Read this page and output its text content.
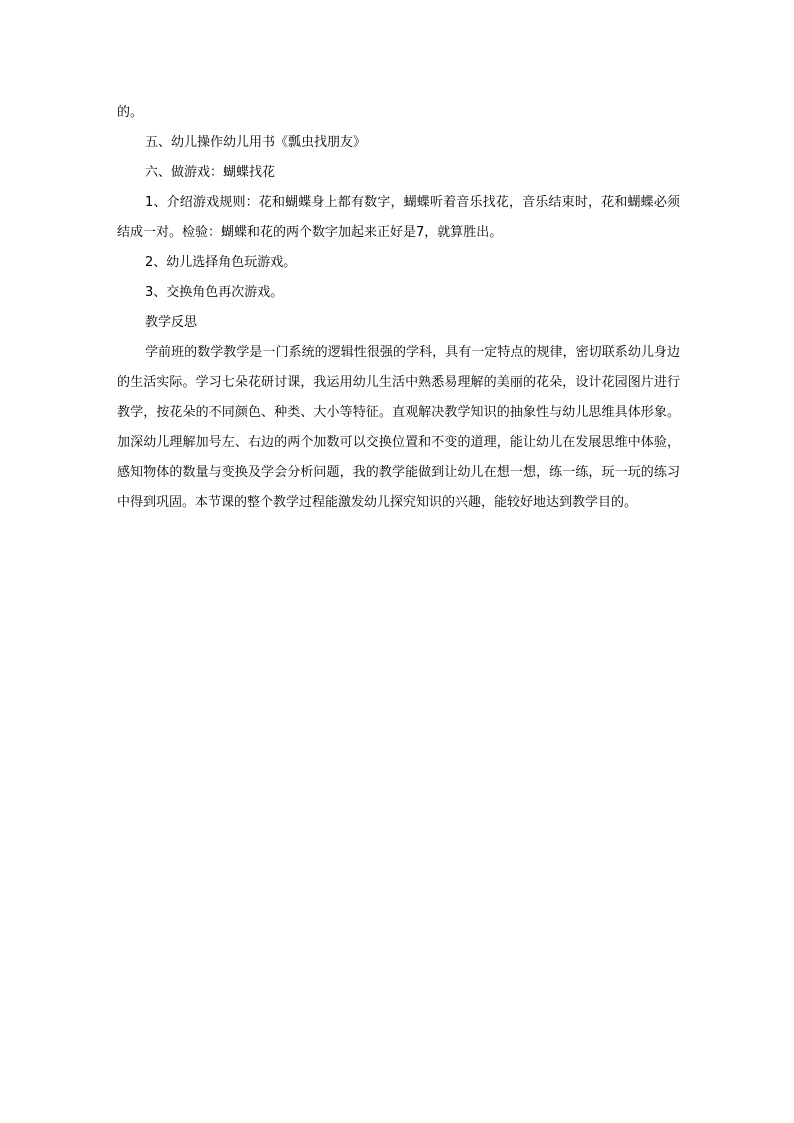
的。

五、幼儿操作幼儿用书《瓢虫找朋友》

六、做游戏：蝴蝶找花

1、介绍游戏规则：花和蝴蝶身上都有数字，蝴蝶听着音乐找花，音乐结束时，花和蝴蝶必须结成一对。检验：蝴蝶和花的两个数字加起来正好是7，就算胜出。

2、幼儿选择角色玩游戏。

3、交换角色再次游戏。

教学反思

学前班的数学教学是一门系统的逻辑性很强的学科，具有一定特点的规律，密切联系幼儿身边的生活实际。学习七朵花研讨课，我运用幼儿生活中熟悉易理解的美丽的花朵，设计花园图片进行教学，按花朵的不同颜色、种类、大小等特征。直观解决教学知识的抽象性与幼儿思维具体形象。加深幼儿理解加号左、右边的两个加数可以交换位置和不变的道理，能让幼儿在发展思维中体验，感知物体的数量与变换及学会分析问题，我的教学能做到让幼儿在想一想，练一练，玩一玩的练习中得到巩固。本节课的整个教学过程能激发幼儿探究知识的兴趣，能较好地达到教学目的。
